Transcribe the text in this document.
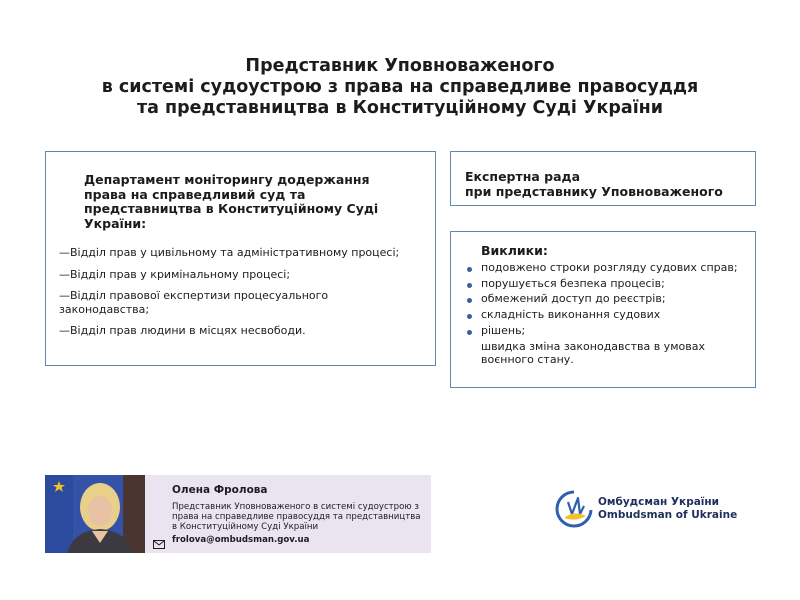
Представник Уповноваженого
в системі судоустрою з права на справедливе правосуддя
та представництва в Конституційному Суді України
Департамент моніторингу додержання права на справедливий суд та представництва в Конституційному Суді України:
—Відділ прав у цивільному та адміністративному процесі;
—Відділ прав у кримінальному процесі;
—Відділ правової експертизи процесуального законодавства;
—Відділ прав людини в місцях несвободи.
Експертна рада
при представнику Уповноваженого
Виклики:
подовжено строки розгляду судових справ;
порушується безпека процесів;
обмежений доступ до реєстрів;
складність виконання судових
рішень;
швидка зміна законодавства в умовах воєнного стану.
Олена Фролова
Представник Уповноваженого в системі судоустрою з права на справедливе правосуддя та представництва в Конституційному Суді України
frolova@ombudsman.gov.ua
Омбудсман України
Ombudsman of Ukraine
